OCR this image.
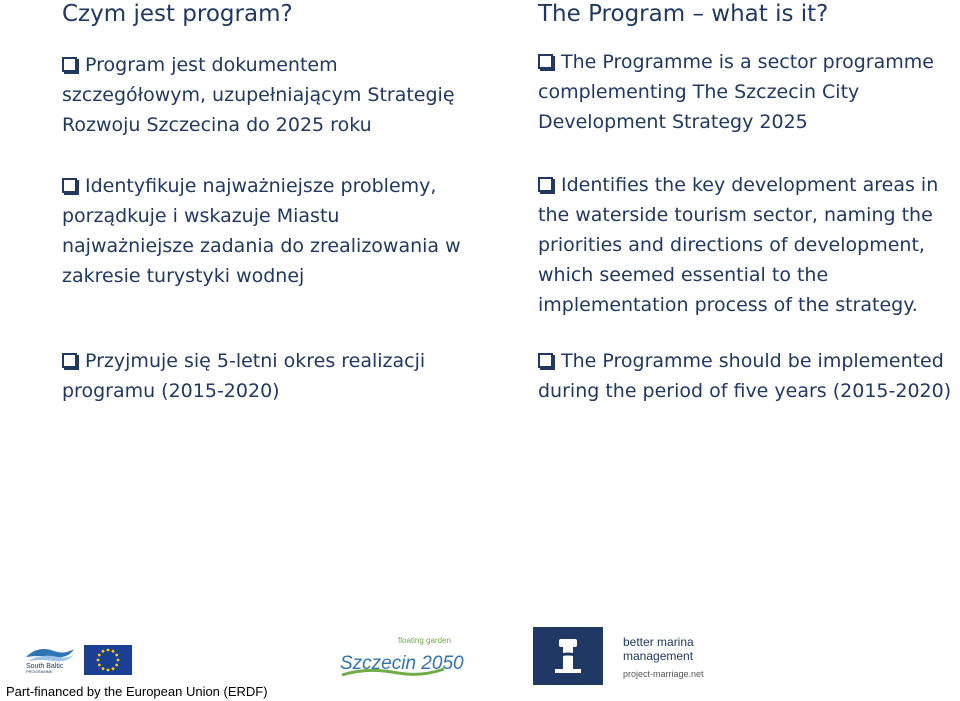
Czym jest program?

Program jest dokumentem szczegółowym, uzupełniającym Strategię Rozwoju Szczecina do 2025 roku

Identyfikuje najważniejsze problemy, porządkuje i wskazuje Miastu najważniejsze zadania do zrealizowania w zakresie turystyki wodnej

Przyjmuje się 5-letni okres realizacji programu (2015-2020)

The Program – what is it?

The Programme is a sector programme complementing The Szczecin City Development Strategy 2025

Identifies the key development areas in the waterside tourism sector, naming the priorities and directions of development, which seemed essential to the implementation process of the strategy.

The Programme should be implemented during the period of five years (2015-2020)

South Baltic
PROGRAMME	Szczecin 2050
floating garden	better marina
management
project-marriage.net
Part-financed by the European Union (ERDF)
